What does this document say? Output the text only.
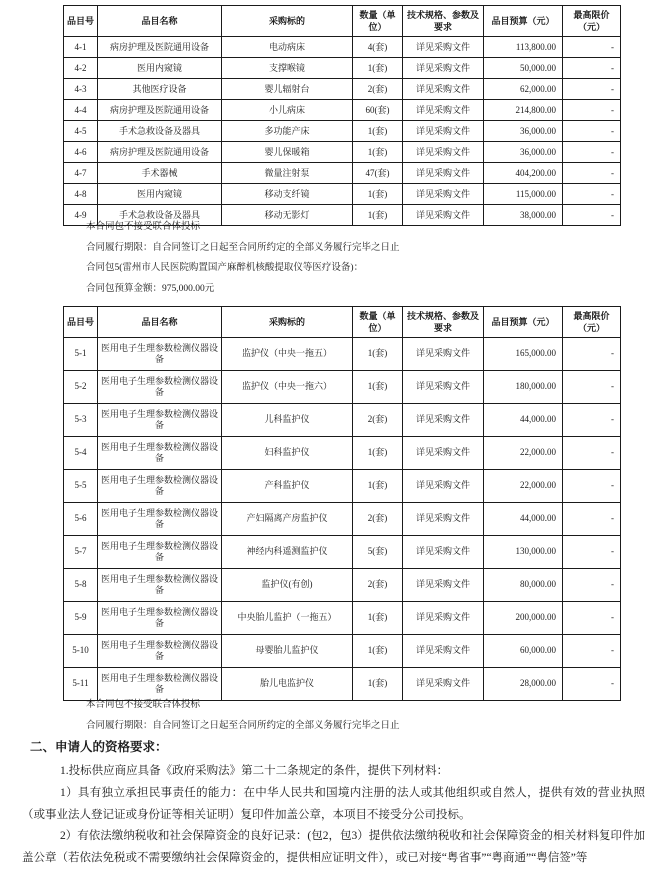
品目号	品目名称	采购标的	数量（单位）	技术规格、参数及要求	品目预算（元）	最高限价（元）
4-1	病房护理及医院通用设备	电动病床	4(套)	详见采购文件	113,800.00	-
4-2	医用内窥镜	支撑喉镜	1(套)	详见采购文件	50,000.00	-
4-3	其他医疗设备	婴儿辐射台	2(套)	详见采购文件	62,000.00	-
4-4	病房护理及医院通用设备	小儿病床	60(套)	详见采购文件	214,800.00	-
4-5	手术急救设备及器具	多功能产床	1(套)	详见采购文件	36,000.00	-
4-6	病房护理及医院通用设备	婴儿保暖箱	1(套)	详见采购文件	36,000.00	-
4-7	手术器械	微量注射泵	47(套)	详见采购文件	404,200.00	-
4-8	医用内窥镜	移动支纤镜	1(套)	详见采购文件	115,000.00	-
4-9	手术急救设备及器具	移动无影灯	1(套)	详见采购文件	38,000.00	-

本合同包不接受联合体投标

合同履行期限：自合同签订之日起至合同所约定的全部义务履行完毕之日止

合同包5(雷州市人民医院购置国产麻醉机核酸提取仪等医疗设备)：

合同包预算金额：975,000.00元

品目号	品目名称	采购标的	数量（单位）	技术规格、参数及要求	品目预算（元）	最高限价（元）
5-1	医用电子生理参数检测仪器设备	监护仪（中央一拖五）	1(套)	详见采购文件	165,000.00	-
5-2	医用电子生理参数检测仪器设备	监护仪（中央一拖六）	1(套)	详见采购文件	180,000.00	-
5-3	医用电子生理参数检测仪器设备	儿科监护仪	2(套)	详见采购文件	44,000.00	-
5-4	医用电子生理参数检测仪器设备	妇科监护仪	1(套)	详见采购文件	22,000.00	-
5-5	医用电子生理参数检测仪器设备	产科监护仪	1(套)	详见采购文件	22,000.00	-
5-6	医用电子生理参数检测仪器设备	产妇隔离产房监护仪	2(套)	详见采购文件	44,000.00	-
5-7	医用电子生理参数检测仪器设备	神经内科遥测监护仪	5(套)	详见采购文件	130,000.00	-
5-8	医用电子生理参数检测仪器设备	监护仪(有创)	2(套)	详见采购文件	80,000.00	-
5-9	医用电子生理参数检测仪器设备	中央胎儿监护（一拖五）	1(套)	详见采购文件	200,000.00	-
5-10	医用电子生理参数检测仪器设备	母婴胎儿监护仪	1(套)	详见采购文件	60,000.00	-
5-11	医用电子生理参数检测仪器设备	胎儿电监护仪	1(套)	详见采购文件	28,000.00	-

本合同包不接受联合体投标

合同履行期限：自合同签订之日起至合同所约定的全部义务履行完毕之日止

二、申请人的资格要求：

1.投标供应商应具备《政府采购法》第二十二条规定的条件，提供下列材料：

1）具有独立承担民事责任的能力：在中华人民共和国境内注册的法人或其他组织或自然人，提供有效的营业执照（或事业法人登记证或身份证等相关证明）复印件加盖公章，本项目不接受分公司投标。

2）有依法缴纳税收和社会保障资金的良好记录：(包2，包3）提供依法缴纳税收和社会保障资金的相关材料复印件加盖公章（若依法免税或不需要缴纳社会保障资金的，提供相应证明文件），或已对接“粤省事”“粤商通”“粤信签”等
